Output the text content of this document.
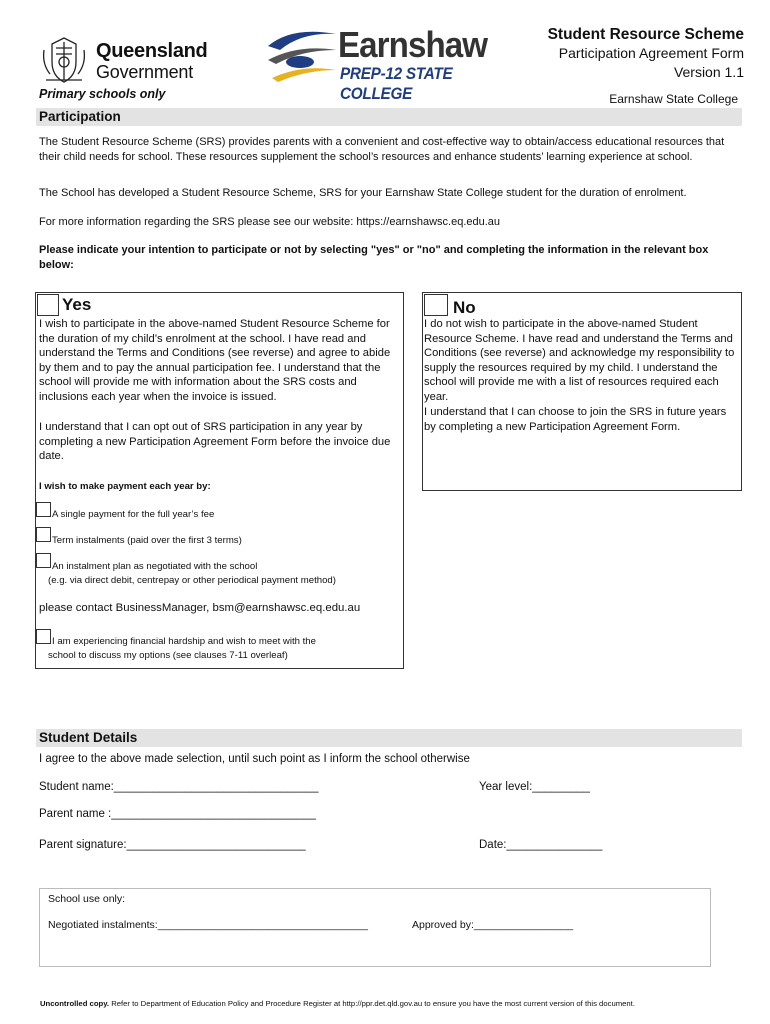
Queensland
Government
Earnshaw
PREP-12 STATE COLLEGE
Student Resource Scheme
Participation Agreement Form
Version 1.1
Primary schools only	Earnshaw State College
Participation
The Student Resource Scheme (SRS) provides parents with a convenient and cost-effective way to obtain/access educational resources that their child needs for school. These resources supplement the school’s resources and enhance students’ learning experience at school.
The School has developed a Student Resource Scheme, SRS for your Earnshaw State College student for the duration of enrolment.
For more information regarding the SRS please see our website: https://earnshawsc.eq.edu.au
Please indicate your intention to participate or not by selecting "yes" or "no" and completing the information in the relevant box below:
Yes
I wish to participate in the above-named Student Resource Scheme for the duration of my child’s enrolment at the school. I have read and understand the Terms and Conditions (see reverse) and agree to abide by them and to pay the annual participation fee. I understand that the school will provide me with information about the SRS costs and inclusions each year when the invoice is issued.
I understand that I can opt out of SRS participation in any year by completing a new Participation Agreement Form before the invoice due date.
I wish to make payment each year by:
A single payment for the full year’s fee
Term instalments (paid over the first 3 terms)
An instalment plan as negotiated with the school
(e.g. via direct debit, centrepay or other periodical payment method)
please contact BusinessManager, bsm@earnshawsc.eq.edu.au
I am experiencing financial hardship and wish to meet with the
school to discuss my options (see clauses 7-11 overleaf)
No
I do not wish to participate in the above-named Student Resource Scheme. I have read and understand the Terms and Conditions (see reverse) and acknowledge my responsibility to supply the resources required by my child. I understand the school will provide me with a list of resources required each year.
I understand that I can choose to join the SRS in future years by completing a new Participation Agreement Form.
Student Details
I agree to the above made selection, until such point as I inform the school otherwise
Student name:________________________________	Year level:_________
Parent name :________________________________
Parent signature:____________________________	Date:_______________
School use only:
Negotiated instalments:____________________________________	Approved by:_________________
Uncontrolled copy. Refer to Department of Education Policy and Procedure Register at http://ppr.det.qld.gov.au to ensure you have the most current version of this document.
